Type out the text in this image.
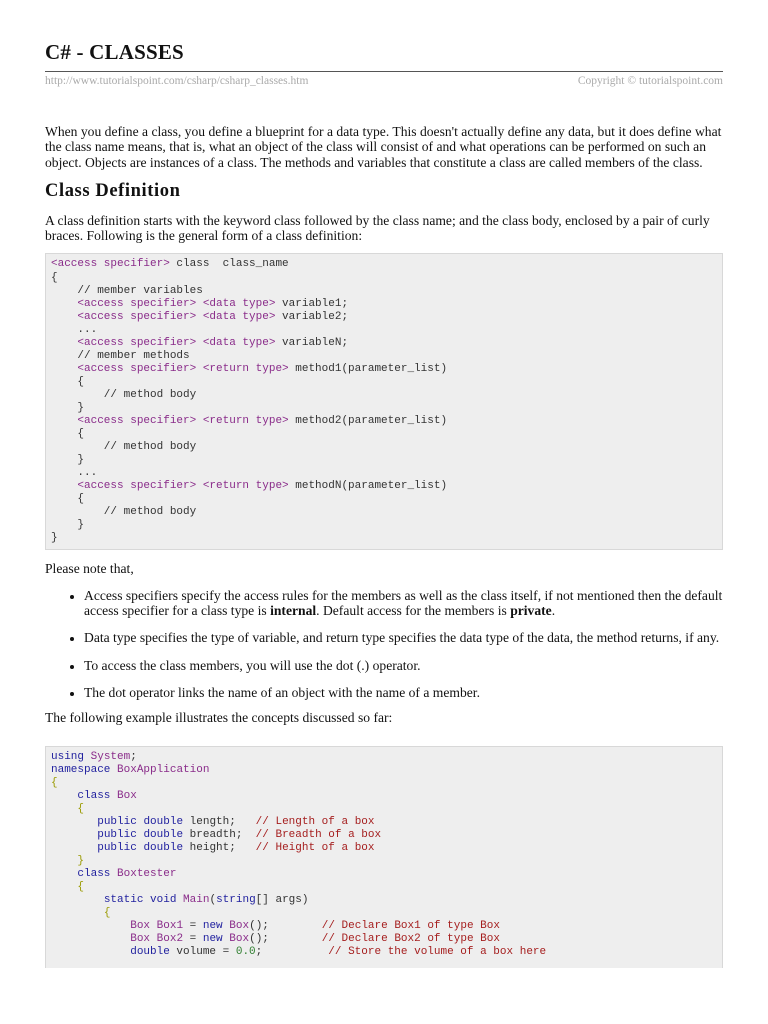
C# - CLASSES
http://www.tutorialspoint.com/csharp/csharp_classes.htm	Copyright © tutorialspoint.com

When you define a class, you define a blueprint for a data type. This doesn't actually define any data, but it does define what the class name means, that is, what an object of the class will consist of and what operations can be performed on such an object. Objects are instances of a class. The methods and variables that constitute a class are called members of the class.

Class Definition

A class definition starts with the keyword class followed by the class name; and the class body, enclosed by a pair of curly braces. Following is the general form of a class definition:

<access specifier> class  class_name
{
// member variables
<access specifier> <data type> variable1;
<access specifier> <data type> variable2;
...
<access specifier> <data type> variableN;
// member methods
<access specifier> <return type> method1(parameter_list)
{
// method body
}
<access specifier> <return type> method2(parameter_list)
{
// method body
}
...
<access specifier> <return type> methodN(parameter_list)
{
// method body
}
}

Please note that,

Access specifiers specify the access rules for the members as well as the class itself, if not mentioned then the default access specifier for a class type is internal. Default access for the members is private.
Data type specifies the type of variable, and return type specifies the data type of the data, the method returns, if any.
To access the class members, you will use the dot (.) operator.
The dot operator links the name of an object with the name of a member.

The following example illustrates the concepts discussed so far:

using System;
namespace BoxApplication
{
class Box
{
public double length;   // Length of a box
public double breadth;  // Breadth of a box
public double height;   // Height of a box
}
class Boxtester
{
static void Main(string[] args)
{
Box Box1 = new Box();        // Declare Box1 of type Box
Box Box2 = new Box();        // Declare Box2 of type Box
double volume = 0.0;          // Store the volume of a box here
